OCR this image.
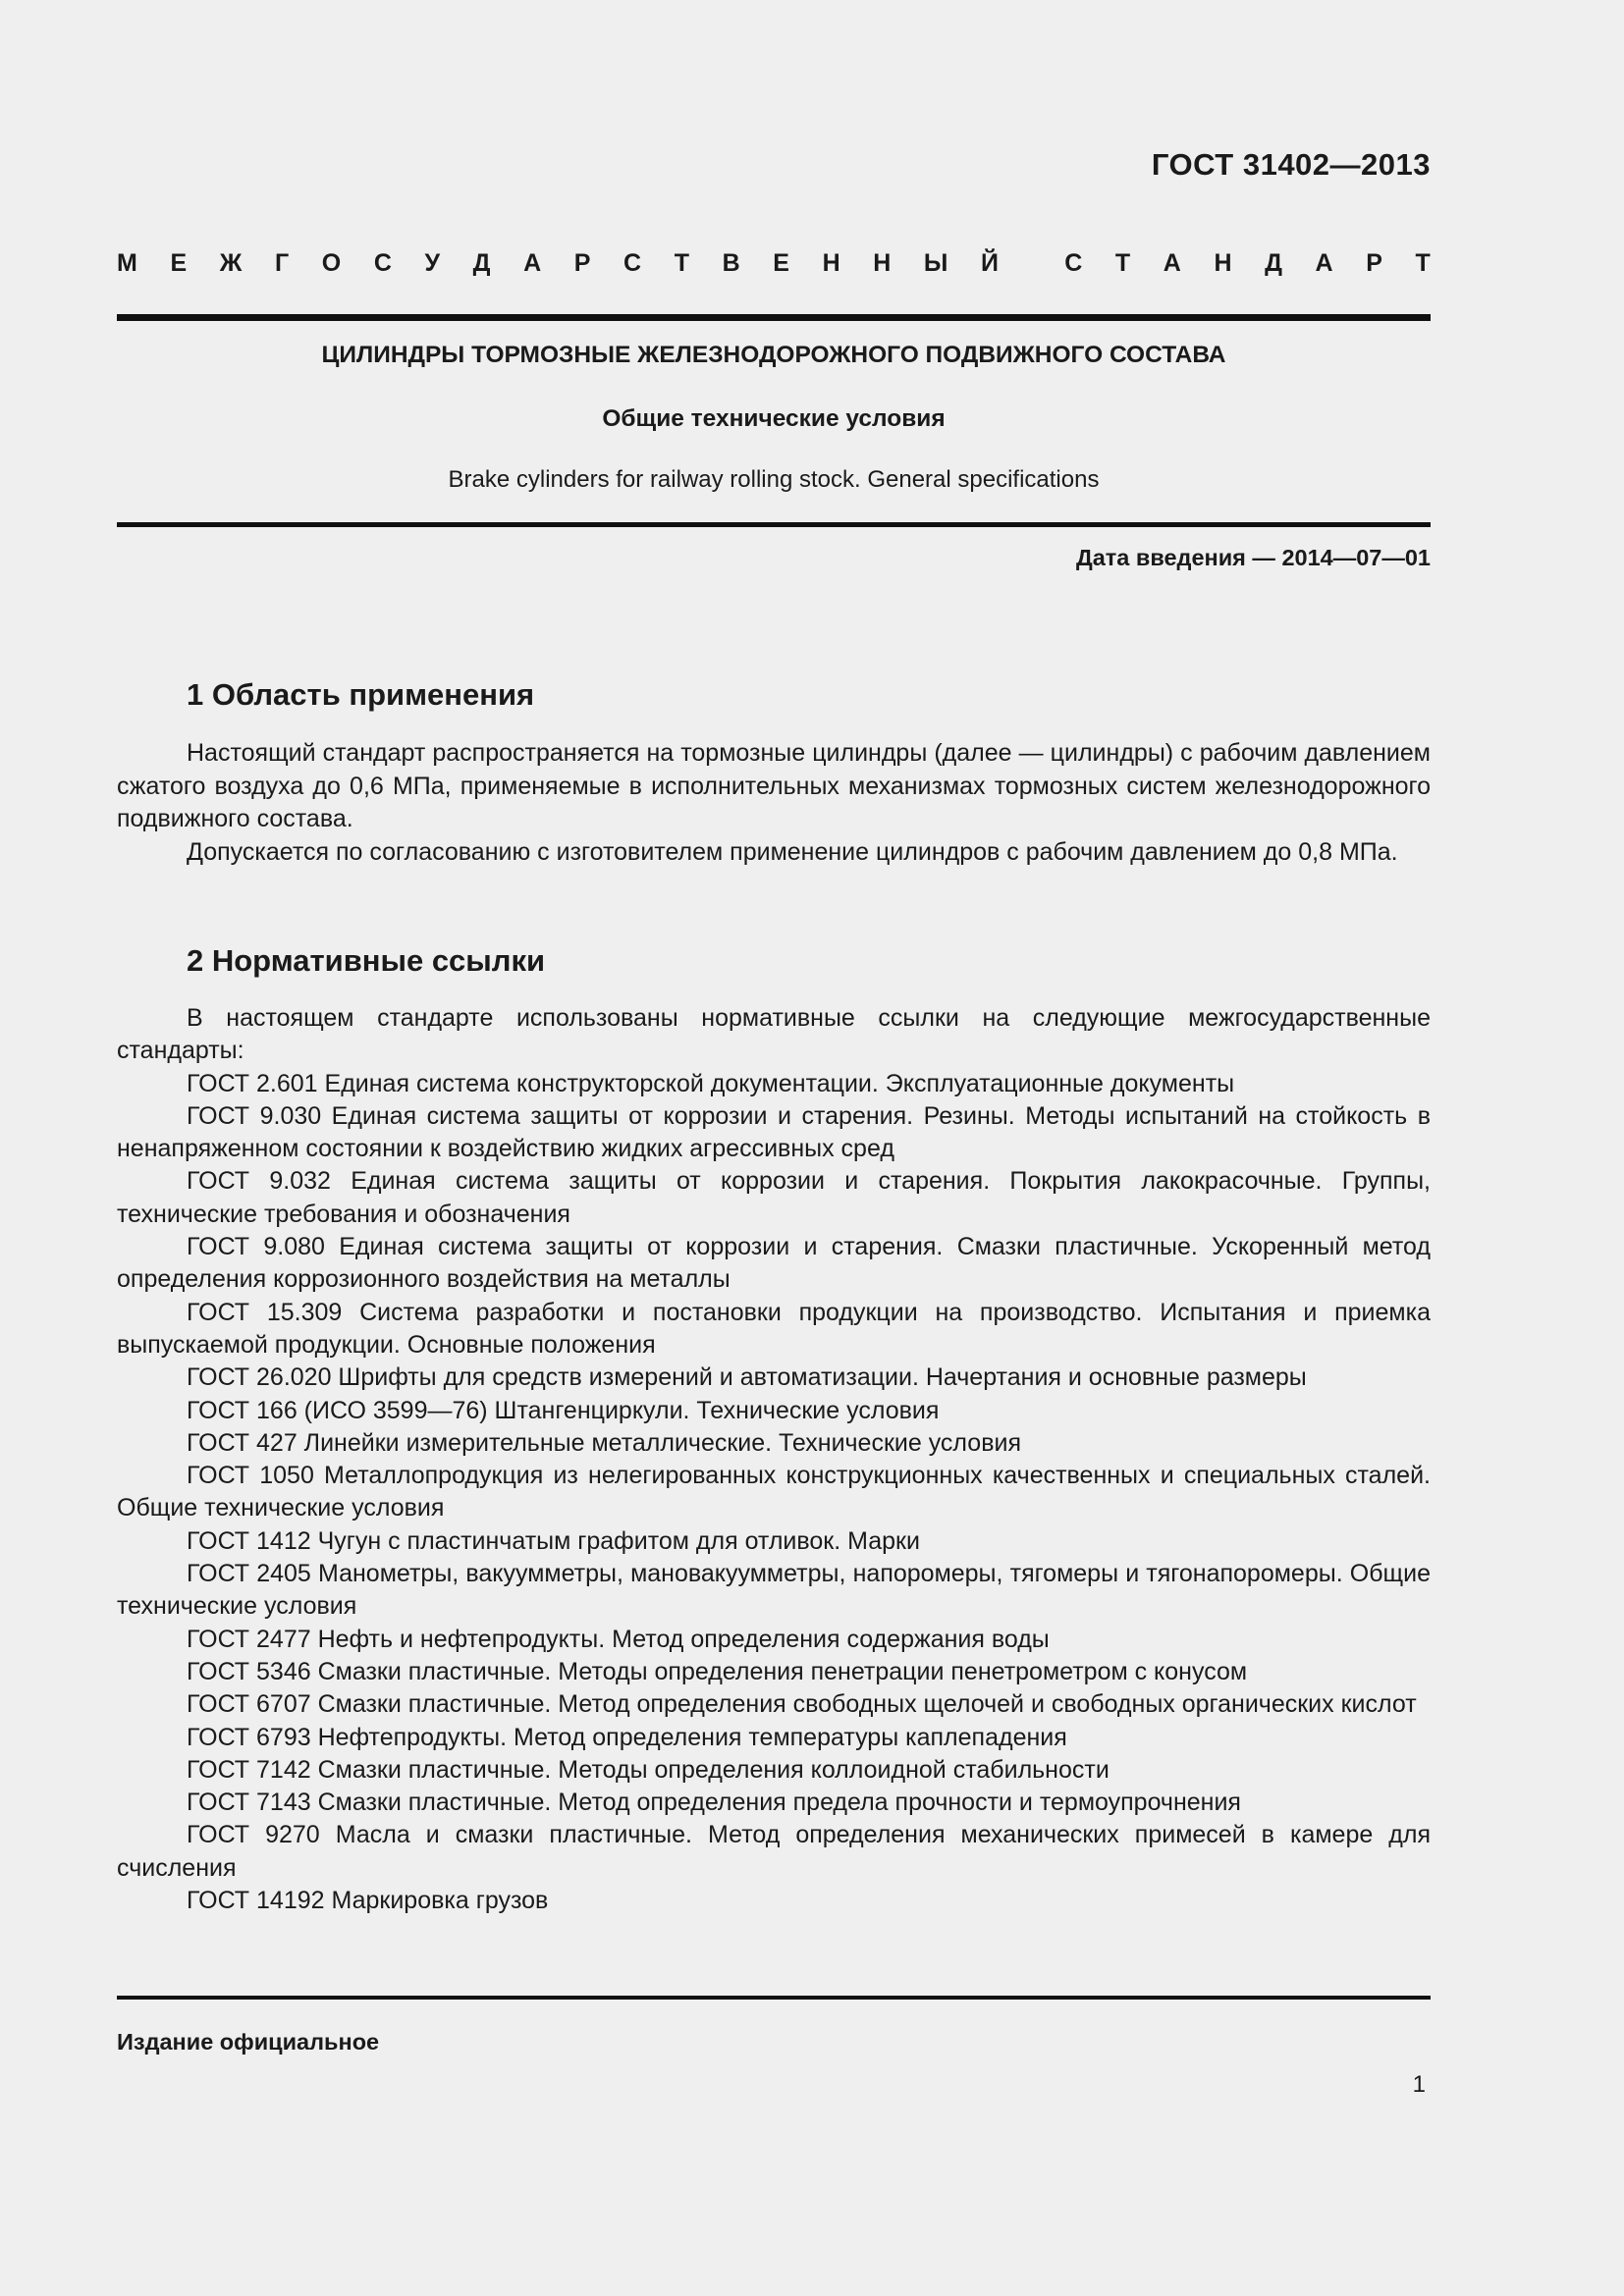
ГОСТ 31402—2013
М Е Ж Г О С У Д А Р С Т В Е Н Н Ы Й	С Т А Н Д А Р Т
ЦИЛИНДРЫ ТОРМОЗНЫЕ ЖЕЛЕЗНОДОРОЖНОГО ПОДВИЖНОГО СОСТАВА
Общие технические условия
Brake cylinders for railway rolling stock. General specifications
Дата введения — 2014—07—01
1 Область применения

Настоящий стандарт распространяется на тормозные цилиндры (далее — цилиндры) с рабочим давлением сжатого воздуха до 0,6 МПа, применяемые в исполнительных механизмах тормозных систем железнодорожного подвижного состава.

Допускается по согласованию с изготовителем применение цилиндров с рабочим давлением до 0,8 МПа.

2 Нормативные ссылки

В настоящем стандарте использованы нормативные ссылки на следующие межгосударственные стандарты:

ГОСТ 2.601 Единая система конструкторской документации. Эксплуатационные документы

ГОСТ 9.030 Единая система защиты от коррозии и старения. Резины. Методы испытаний на стойкость в ненапряженном состоянии к воздействию жидких агрессивных сред

ГОСТ 9.032 Единая система защиты от коррозии и старения. Покрытия лакокрасочные. Группы, технические требования и обозначения

ГОСТ 9.080 Единая система защиты от коррозии и старения. Смазки пластичные. Ускоренный метод определения коррозионного воздействия на металлы

ГОСТ 15.309 Система разработки и постановки продукции на производство. Испытания и приемка выпускаемой продукции. Основные положения

ГОСТ 26.020 Шрифты для средств измерений и автоматизации. Начертания и основные размеры

ГОСТ 166 (ИСО 3599—76) Штангенциркули. Технические условия

ГОСТ 427 Линейки измерительные металлические. Технические условия

ГОСТ 1050 Металлопродукция из нелегированных конструкционных качественных и специальных сталей. Общие технические условия

ГОСТ 1412 Чугун с пластинчатым графитом для отливок. Марки

ГОСТ 2405 Манометры, вакуумметры, мановакуумметры, напоромеры, тягомеры и тягонапоромеры. Общие технические условия

ГОСТ 2477 Нефть и нефтепродукты. Метод определения содержания воды

ГОСТ 5346 Смазки пластичные. Методы определения пенетрации пенетрометром с конусом

ГОСТ 6707 Смазки пластичные. Метод определения свободных щелочей и свободных органических кислот

ГОСТ 6793 Нефтепродукты. Метод определения температуры каплепадения

ГОСТ 7142 Смазки пластичные. Методы определения коллоидной стабильности

ГОСТ 7143 Смазки пластичные. Метод определения предела прочности и термоупрочнения

ГОСТ 9270 Масла и смазки пластичные. Метод определения механических примесей в камере для счисления

ГОСТ 14192 Маркировка грузов

Издание официальное
1
